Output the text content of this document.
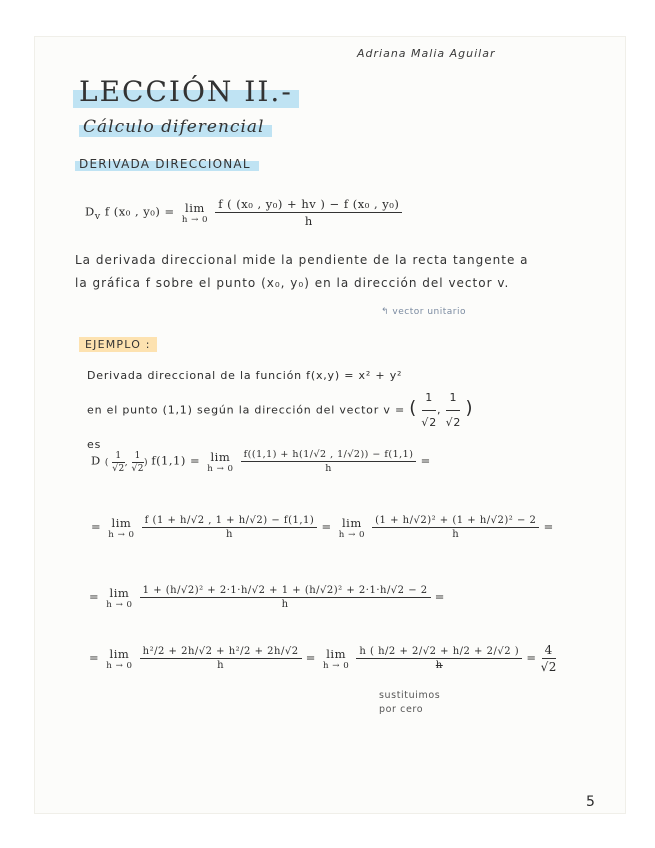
Adriana Malia Aguilar
LECCIÓN II.-
Cálculo diferencial
DERIVADA DIRECCIONAL
$D_v$ f (x₀ , y₀) = lim
h → 0
$\frac{\text{f ( (x₀ , y₀) + hv ) − f (x₀ , y₀)}}{h}$
La derivada direccional mide la pendiente de la recta tangente a la gráfica f sobre el punto (x₀, y₀) en la dirección del vector v.
↰ vector unitario
EJEMPLO :
Derivada direccional de la función f(x,y) = x² + y²
en el punto (1,1) según la dirección del vector v = ( $\frac{1}{√2}$ , $\frac{1}{√2}$ )
es
D ( $\frac{1}{√2}$ , $\frac{1}{√2}$ ) f(1,1) = lim
h → 0
$\frac{f((1,1) + h(1/√2 , 1/√2)) - f(1,1)}{h}$ =
= lim
h → 0
$\frac{f (1 + h/√2 , 1 + h/√2) - f(1,1)}{h} = \lim$
h → 0
$\frac{\text{(1 + h/√2)² + (1 + h/√2)² − 2}}{h}$ =
= lim
h → 0
$\frac{\text{1 + (h/√2)² + 2·1·h/√2 + 1 + (h/√2)² + 2·1·h/√2 − 2}}{h}$ =
= lim
h → 0
$\frac{\text{h²/2 + 2h/√2 + h²/2 + 2h/√2}}{h} = \lim$
h → 0
$\frac{h ( h/2 + 2/√2 + h/2 + 2/√2 )}{h} = \frac{4}{√2}$
sustituimos
por cero
5
